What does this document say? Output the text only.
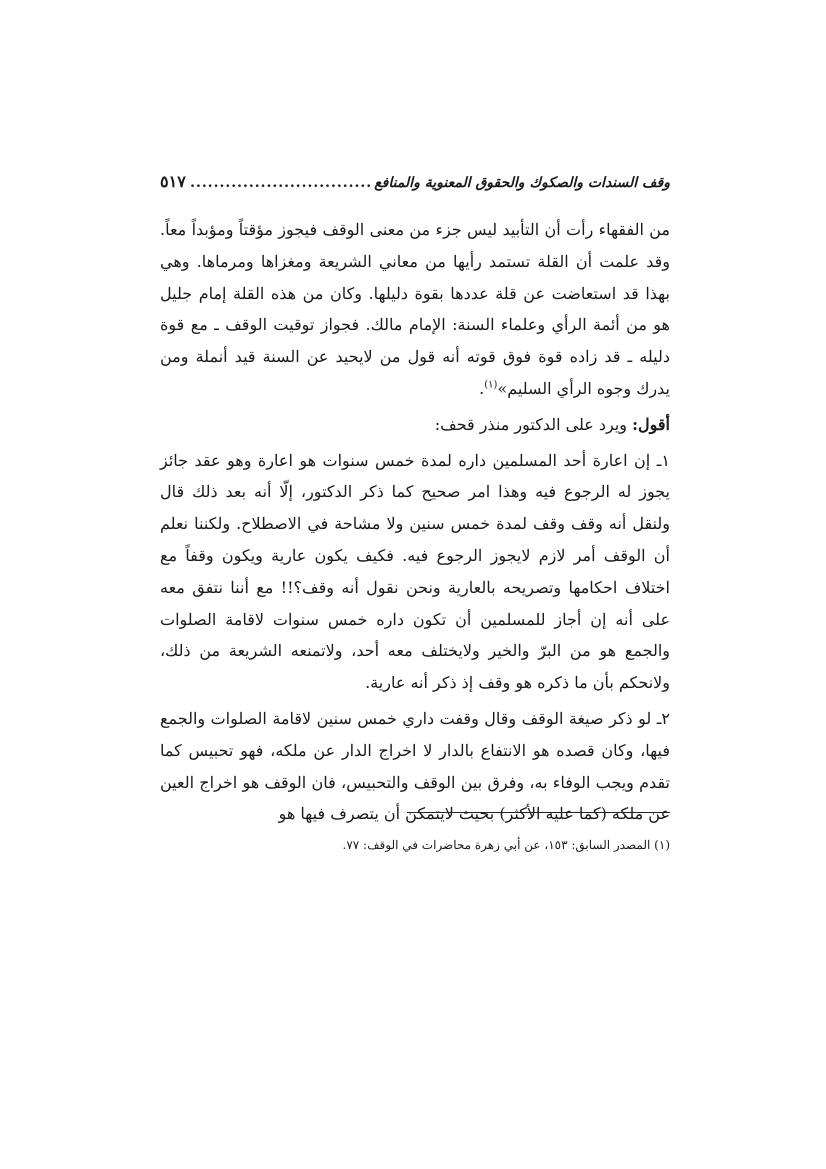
وقف السندات والصكوك والحقوق المعنوية والمنافع
...............................
٥١٧

من الفقهاء رأت أن التأبيد ليس جزء من معنى الوقف فيجوز مؤقتاً ومؤبداً معاً. وقد علمت أن القلة تستمد رأيها من معاني الشريعة ومغزاها ومرماها. وهي بهذا قد استعاضت عن قلة عددها بقوة دليلها. وكان من هذه القلة إمام جليل هو من أئمة الرأي وعلماء السنة: الإمام مالك. فجواز توقيت الوقف ـ مع قوة دليله ـ قد زاده قوة فوق قوته أنه قول من لايحيد عن السنة قيد أنملة ومن يدرك وجوه الرأي السليم»$^{(١)}$.

أقول: ويرد على الدكتور منذر قحف:

١ـ إن اعارة أحد المسلمين داره لمدة خمس سنوات هو اعارة وهو عقد جائز يجوز له الرجوع فيه وهذا امر صحيح كما ذكر الدكتور، إلّا أنه بعد ذلك قال ولنقل أنه وقف وقف لمدة خمس سنين ولا مشاحة في الاصطلاح. ولكننا نعلم أن الوقف أمر لازم لايجوز الرجوع فيه. فكيف يكون عارية ويكون وقفاً مع اختلاف احكامها وتصريحه بالعارية ونحن نقول أنه وقف؟!! مع أننا نتفق معه على أنه إن أجاز للمسلمين أن تكون داره خمس سنوات لاقامة الصلوات والجمع هو من البرّ والخير ولايختلف معه أحد، ولاتمنعه الشريعة من ذلك، ولانحكم بأن ما ذكره هو وقف إذ ذكر أنه عارية.

٢ـ لو ذكر صيغة الوقف وقال وقفت داري خمس سنين لاقامة الصلوات والجمع فيها، وكان قصده هو الانتفاع بالدار لا اخراج الدار عن ملكه، فهو تحبيس كما تقدم ويجب الوفاء به، وفرق بين الوقف والتحبيس، فان الوقف هو اخراج العين عن ملكه (كما عليه الأكثر) بحيث لايتمكن أن يتصرف فيها هو

(١) المصدر السابق: ١٥٣، عن أبي زهرة محاضرات في الوقف: ٧٧.
